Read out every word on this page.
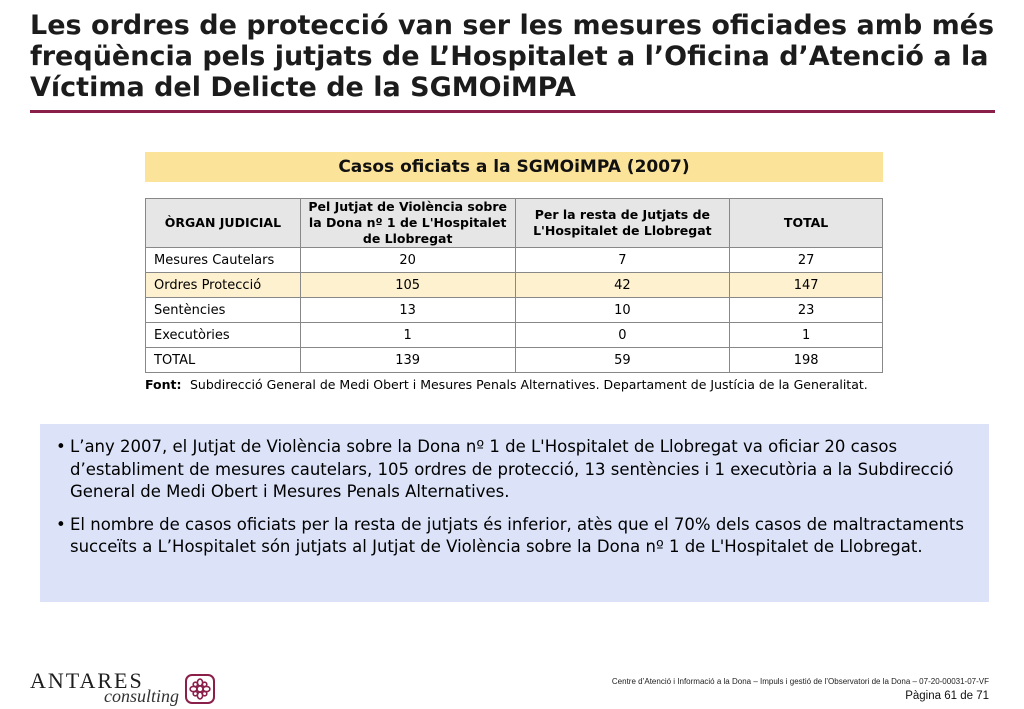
Les ordres de protecció van ser les mesures oficiades amb més freqüència pels jutjats de L’Hospitalet a l’Oficina d’Atenció a la Víctima del Delicte de la SGMOiMPA
Casos oficiats a la SGMOiMPA (2007)
ÒRGAN JUDICIAL	Pel Jutjat de Violència sobre la Dona nº 1 de L'Hospitalet de Llobregat	Per la resta de Jutjats de L'Hospitalet de Llobregat	TOTAL
Mesures Cautelars	20	7	27
Ordres Protecció	105	42	147
Sentències	13	10	23
Executòries	1	0	1
TOTAL	139	59	198
Font: Subdirecció General de Medi Obert i Mesures Penals Alternatives. Departament de Justícia de la Generalitat.
• L’any 2007, el Jutjat de Violència sobre la Dona nº 1 de L'Hospitalet de Llobregat va oficiar 20 casos d’establiment de mesures cautelars, 105 ordres de protecció, 13 sentències i 1 executòria a la Subdirecció General de Medi Obert i Mesures Penals Alternatives.
• El nombre de casos oficiats per la resta de jutjats és inferior, atès que el 70% dels casos de maltractaments succeïts a L’Hospitalet són jutjats al Jutjat de Violència sobre la Dona nº 1 de L'Hospitalet de Llobregat.
ANTARES
consulting
Centre d’Atenció i Informació a la Dona – Impuls i gestió de l’Observatori de la Dona – 07-20-00031-07-VF
Pàgina 61 de 71
